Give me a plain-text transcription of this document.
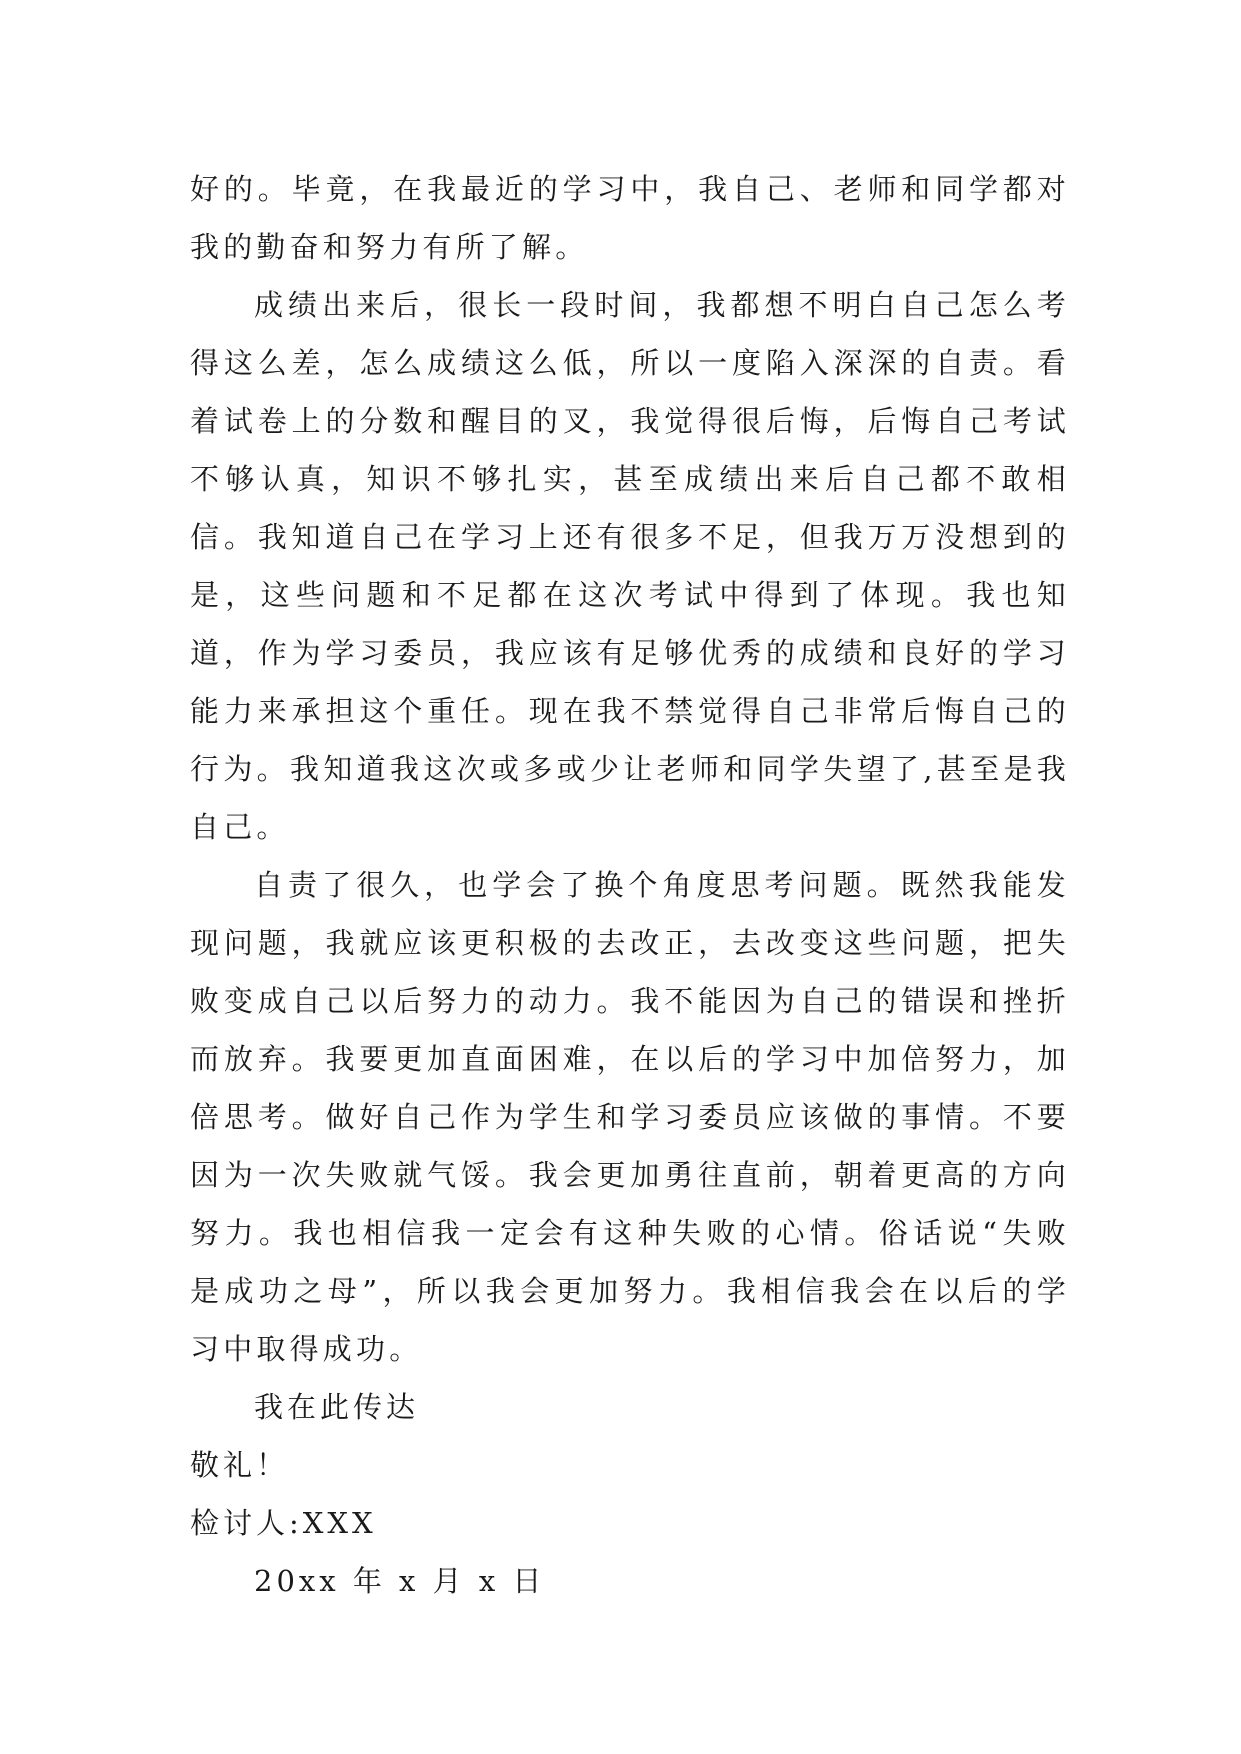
好的。毕竟，在我最近的学习中，我自己、老师和同学都对我的勤奋和努力有所了解。

成绩出来后，很长一段时间，我都想不明白自己怎么考得这么差，怎么成绩这么低，所以一度陷入深深的自责。看着试卷上的分数和醒目的叉，我觉得很后悔，后悔自己考试不够认真，知识不够扎实，甚至成绩出来后自己都不敢相信。我知道自己在学习上还有很多不足，但我万万没想到的是，这些问题和不足都在这次考试中得到了体现。我也知道，作为学习委员，我应该有足够优秀的成绩和良好的学习能力来承担这个重任。现在我不禁觉得自己非常后悔自己的行为。我知道我这次或多或少让老师和同学失望了,甚至是我自己。

自责了很久，也学会了换个角度思考问题。既然我能发现问题，我就应该更积极的去改正，去改变这些问题，把失败变成自己以后努力的动力。我不能因为自己的错误和挫折而放弃。我要更加直面困难，在以后的学习中加倍努力，加倍思考。做好自己作为学生和学习委员应该做的事情。不要因为一次失败就气馁。我会更加勇往直前，朝着更高的方向努力。我也相信我一定会有这种失败的心情。俗话说“失败是成功之母”，所以我会更加努力。我相信我会在以后的学习中取得成功。

我在此传达

敬礼！

检讨人:XXX

20xx 年 x 月 x 日
